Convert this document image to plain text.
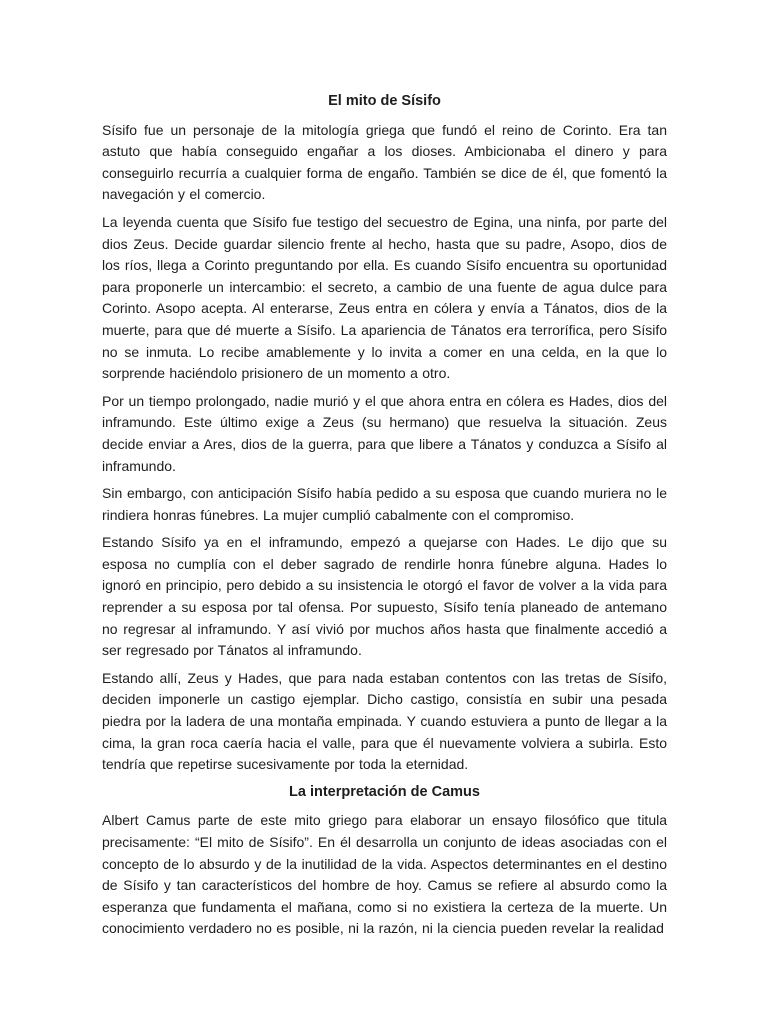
El mito de Sísifo

Sísifo fue un personaje de la mitología griega que fundó el reino de Corinto. Era tan astuto que había conseguido engañar a los dioses. Ambicionaba el dinero y para conseguirlo recurría a cualquier forma de engaño. También se dice de él, que fomentó la navegación y el comercio.

La leyenda cuenta que Sísifo fue testigo del secuestro de Egina, una ninfa, por parte del dios Zeus. Decide guardar silencio frente al hecho, hasta que su padre, Asopo, dios de los ríos, llega a Corinto preguntando por ella. Es cuando Sísifo encuentra su oportunidad para proponerle un intercambio: el secreto, a cambio de una fuente de agua dulce para Corinto. Asopo acepta. Al enterarse, Zeus entra en cólera y envía a Tánatos, dios de la muerte, para que dé muerte a Sísifo. La apariencia de Tánatos era terrorífica, pero Sísifo no se inmuta. Lo recibe amablemente y lo invita a comer en una celda, en la que lo sorprende haciéndolo prisionero de un momento a otro.

Por un tiempo prolongado, nadie murió y el que ahora entra en cólera es Hades, dios del inframundo. Este último exige a Zeus (su hermano) que resuelva la situación. Zeus decide enviar a Ares, dios de la guerra, para que libere a Tánatos y conduzca a Sísifo al inframundo.

Sin embargo, con anticipación Sísifo había pedido a su esposa que cuando muriera no le rindiera honras fúnebres. La mujer cumplió cabalmente con el compromiso.

Estando Sísifo ya en el inframundo, empezó a quejarse con Hades. Le dijo que su esposa no cumplía con el deber sagrado de rendirle honra fúnebre alguna. Hades lo ignoró en principio, pero debido a su insistencia le otorgó el favor de volver a la vida para reprender a su esposa por tal ofensa. Por supuesto, Sísifo tenía planeado de antemano no regresar al inframundo. Y así vivió por muchos años hasta que finalmente accedió a ser regresado por Tánatos al inframundo.

Estando allí, Zeus y Hades, que para nada estaban contentos con las tretas de Sísifo, deciden imponerle un castigo ejemplar. Dicho castigo, consistía en subir una pesada piedra por la ladera de una montaña empinada. Y cuando estuviera a punto de llegar a la cima, la gran roca caería hacia el valle, para que él nuevamente volviera a subirla. Esto tendría que repetirse sucesivamente por toda la eternidad.

La interpretación de Camus

Albert Camus parte de este mito griego para elaborar un ensayo filosófico que titula precisamente: “El mito de Sísifo”. En él desarrolla un conjunto de ideas asociadas con el concepto de lo absurdo y de la inutilidad de la vida. Aspectos determinantes en el destino de Sísifo y tan característicos del hombre de hoy. Camus se refiere al absurdo como la esperanza que fundamenta el mañana, como si no existiera la certeza de la muerte. Un conocimiento verdadero no es posible, ni la razón, ni la ciencia pueden revelar la realidad
